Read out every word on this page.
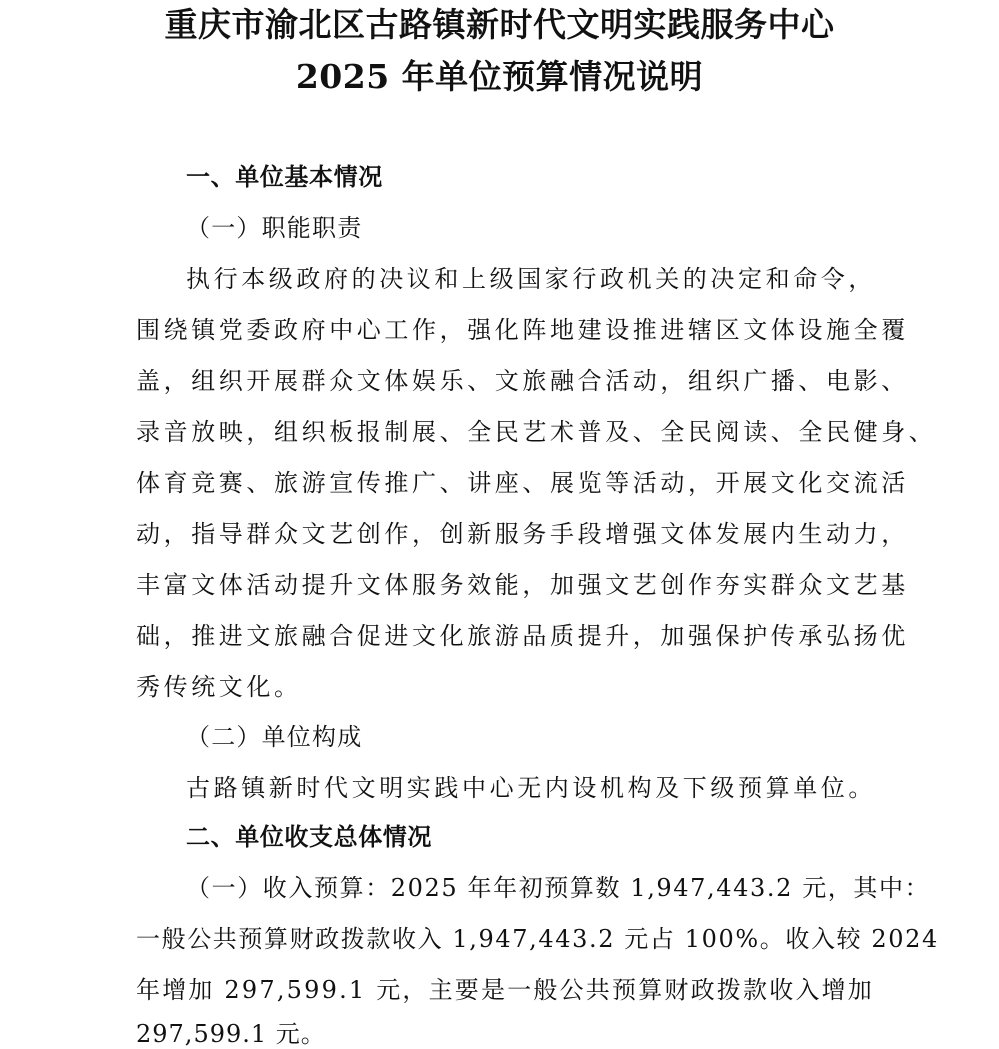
重庆市渝北区古路镇新时代文明实践服务中心
2025 年单位预算情况说明
一、单位基本情况
（一）职能职责
执行本级政府的决议和上级国家行政机关的决定和命令，
围绕镇党委政府中心工作，强化阵地建设推进辖区文体设施全覆
盖，组织开展群众文体娱乐、文旅融合活动，组织广播、电影、
录音放映，组织板报制展、全民艺术普及、全民阅读、全民健身、
体育竞赛、旅游宣传推广、讲座、展览等活动，开展文化交流活
动，指导群众文艺创作，创新服务手段增强文体发展内生动力，
丰富文体活动提升文体服务效能，加强文艺创作夯实群众文艺基
础，推进文旅融合促进文化旅游品质提升，加强保护传承弘扬优
秀传统文化。
（二）单位构成
古路镇新时代文明实践中心无内设机构及下级预算单位。
二、单位收支总体情况
（一）收入预算：2025 年年初预算数 1,947,443.2 元，其中：
一般公共预算财政拨款收入 1,947,443.2 元占 100%。收入较 2024
年增加 297,599.1 元，主要是一般公共预算财政拨款收入增加
297,599.1 元。
